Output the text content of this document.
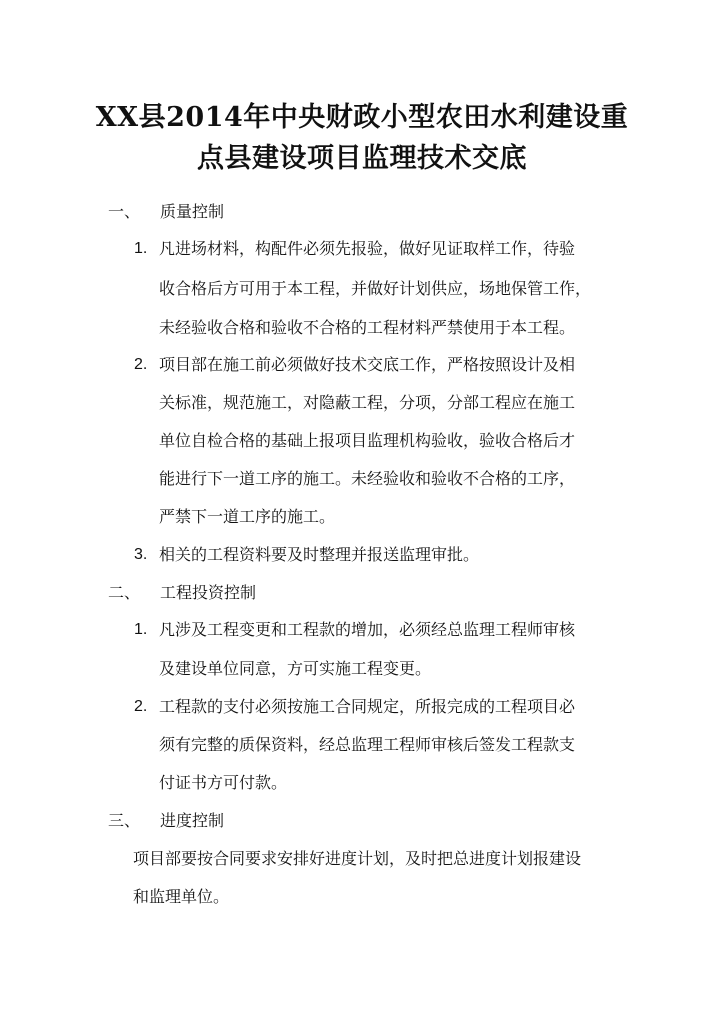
XX县2014年中央财政小型农田水利建设重
点县建设项目监理技术交底
一、 质量控制
1. 凡进场材料，构配件必须先报验，做好见证取样工作，待验
收合格后方可用于本工程，并做好计划供应，场地保管工作，
未经验收合格和验收不合格的工程材料严禁使用于本工程。
2. 项目部在施工前必须做好技术交底工作，严格按照设计及相
关标准，规范施工，对隐蔽工程，分项，分部工程应在施工
单位自检合格的基础上报项目监理机构验收，验收合格后才
能进行下一道工序的施工。未经验收和验收不合格的工序，
严禁下一道工序的施工。
3. 相关的工程资料要及时整理并报送监理审批。
二、 工程投资控制
1. 凡涉及工程变更和工程款的增加，必须经总监理工程师审核
及建设单位同意，方可实施工程变更。
2. 工程款的支付必须按施工合同规定，所报完成的工程项目必
须有完整的质保资料，经总监理工程师审核后签发工程款支
付证书方可付款。
三、 进度控制
项目部要按合同要求安排好进度计划，及时把总进度计划报建设
和监理单位。
